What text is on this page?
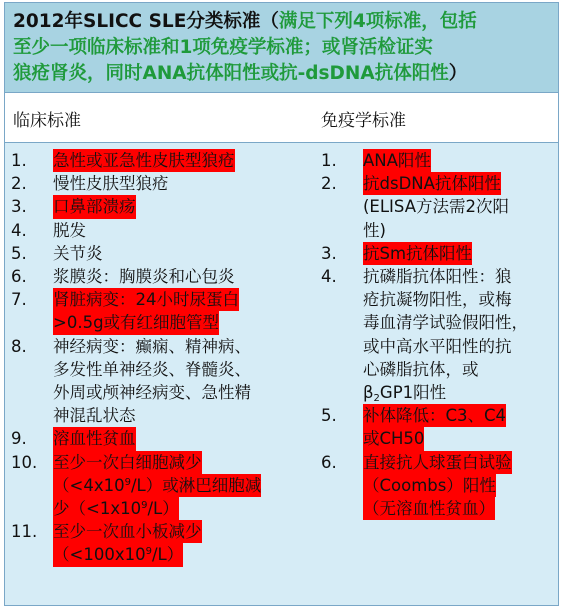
2012年SLICC SLE分类标准（满足下列4项标准，包括
至少一项临床标准和1项免疫学标准；或肾活检证实
狼疮肾炎，同时ANA抗体阳性或抗-dsDNA抗体阳性）
临床标准	免疫学标准
1.	急性或亚急性皮肤型狼疮
2.	慢性皮肤型狼疮
3.	口鼻部溃疡
4.	脱发
5.	关节炎
6.	浆膜炎：胸膜炎和心包炎
7.	肾脏病变：24小时尿蛋白
>0.5g或有红细胞管型
8.	神经病变：癫痫、精神病、
多发性单神经炎、脊髓炎、
外周或颅神经病变、急性精
神混乱状态
9.	溶血性贫血
10. 至少一次白细胞减少
$(<4x10^9/L)$或淋巴细胞减
少$(<1x10^9/L)$
11. 至少一次血小板减少
$(<100x10^9/L)$
1.	ANA阳性
2.	抗dsDNA抗体阳性
(ELISA方法需2次阳
性)
3.	抗Sm抗体阳性
4.	抗磷脂抗体阳性：狼
疮抗凝物阳性，或梅
毒血清学试验假阳性，
或中高水平阳性的抗
心磷脂抗体，或
$\beta_2GP1$阳性
5.	补体降低：C3、C4
或CH50
6.	直接抗人球蛋白试验
（Coombs）阳性
（无溶血性贫血）
